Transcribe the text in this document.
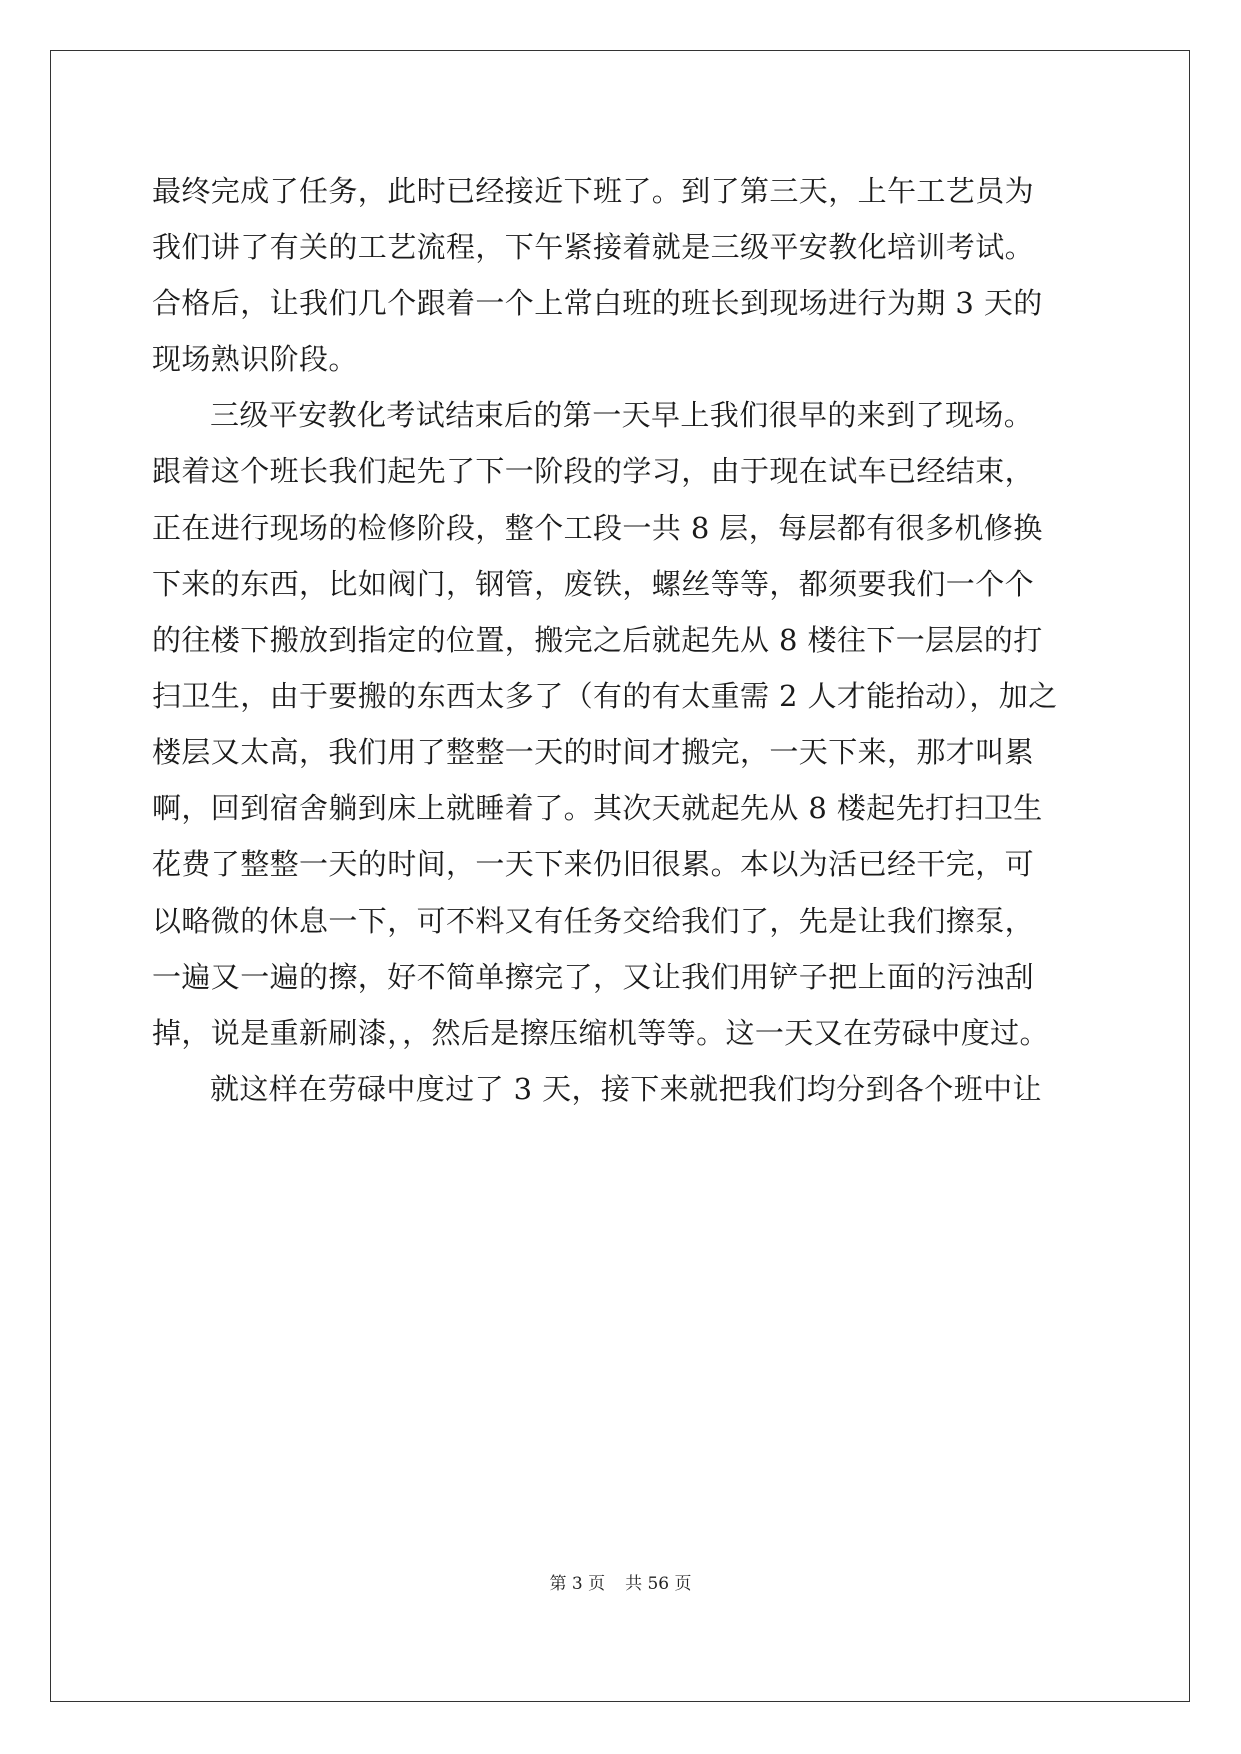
最终完成了任务，此时已经接近下班了。到了第三天，上午工艺员为
我们讲了有关的工艺流程，下午紧接着就是三级平安教化培训考试。
合格后，让我们几个跟着一个上常白班的班长到现场进行为期 3 天的
现场熟识阶段。
三级平安教化考试结束后的第一天早上我们很早的来到了现场。
跟着这个班长我们起先了下一阶段的学习，由于现在试车已经结束，
正在进行现场的检修阶段，整个工段一共 8 层，每层都有很多机修换
下来的东西，比如阀门，钢管，废铁，螺丝等等，都须要我们一个个
的往楼下搬放到指定的位置，搬完之后就起先从 8 楼往下一层层的打
扫卫生，由于要搬的东西太多了（有的有太重需 2 人才能抬动），加之
楼层又太高，我们用了整整一天的时间才搬完，一天下来，那才叫累
啊，回到宿舍躺到床上就睡着了。其次天就起先从 8 楼起先打扫卫生
花费了整整一天的时间，一天下来仍旧很累。本以为活已经干完，可
以略微的休息一下，可不料又有任务交给我们了，先是让我们擦泵，
一遍又一遍的擦，好不简单擦完了，又让我们用铲子把上面的污浊刮
掉，说是重新刷漆，，然后是擦压缩机等等。这一天又在劳碌中度过。
就这样在劳碌中度过了 3 天，接下来就把我们均分到各个班中让
第 3 页 共 56 页
